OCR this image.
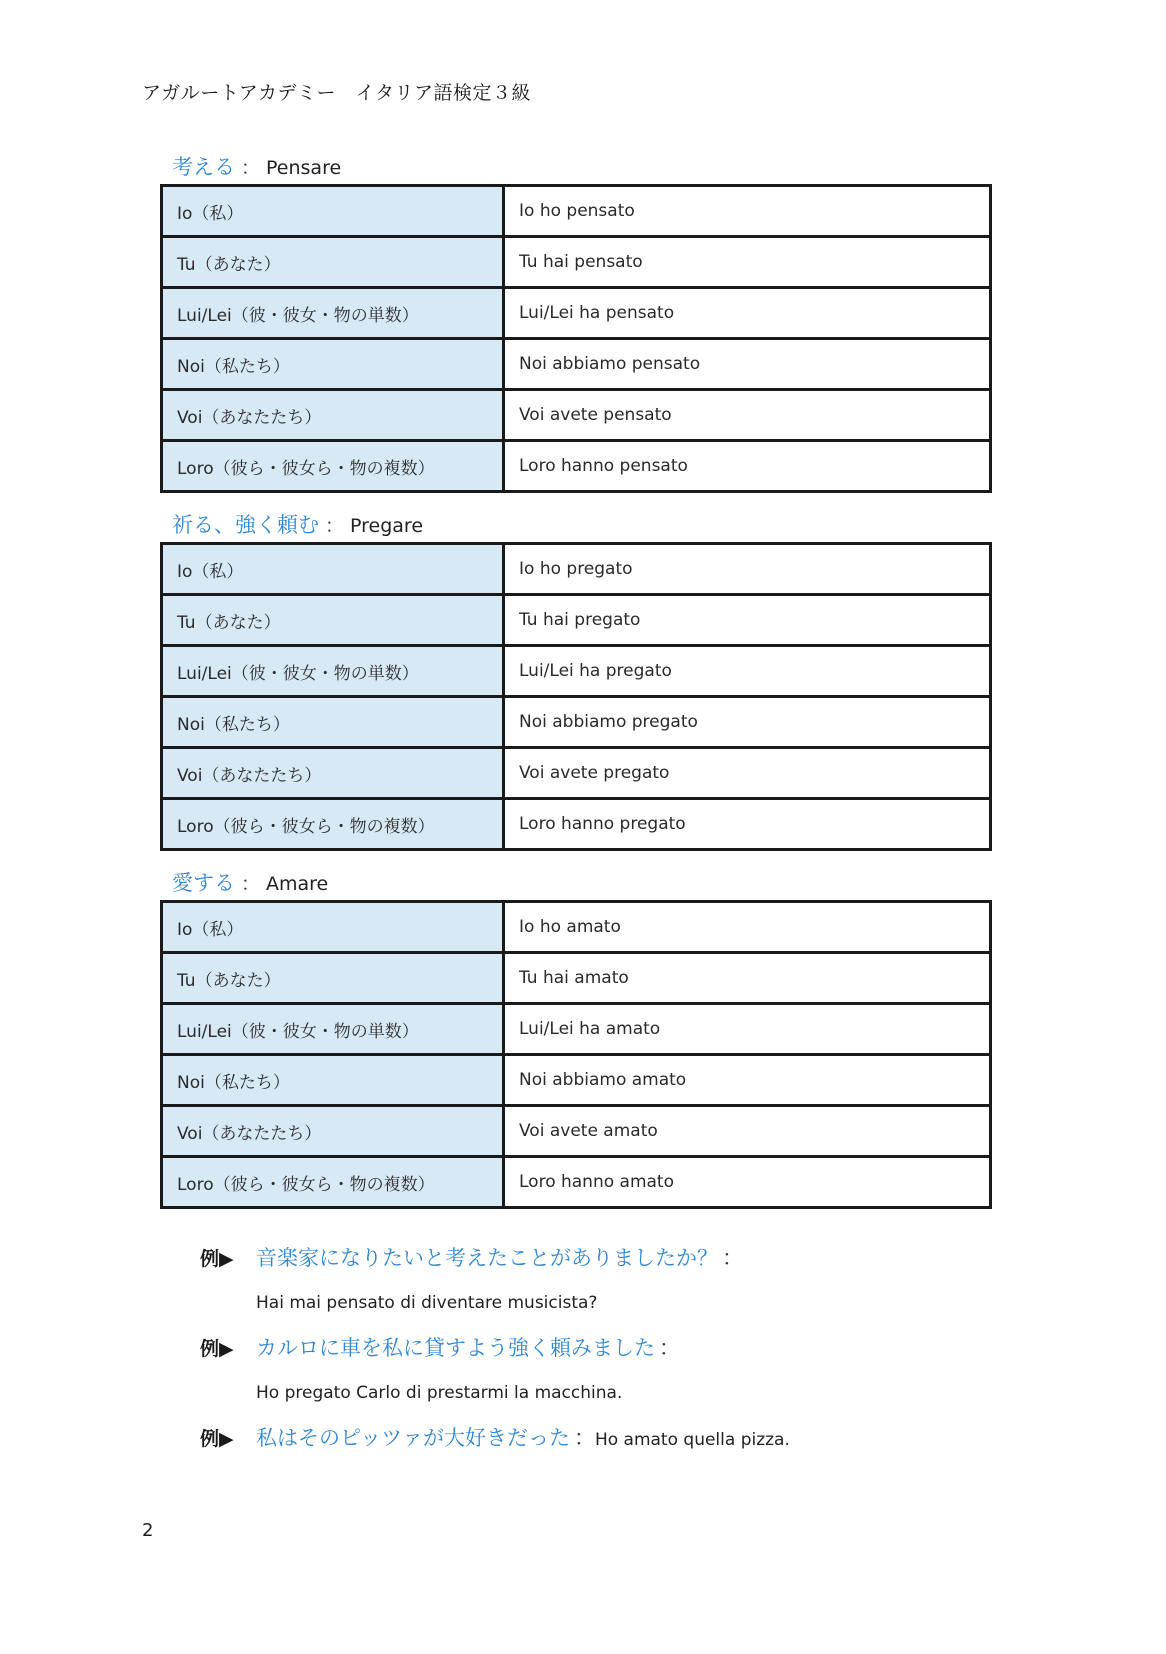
アガルートアカデミー　イタリア語検定３級
考える ： Pensare
Io（私）	Io ho pensato
Tu（あなた）	Tu hai pensato
Lui/Lei（彼・彼女・物の単数）	Lui/Lei ha pensato
Noi（私たち）	Noi abbiamo pensato
Voi（あなたたち）	Voi avete pensato
Loro（彼ら・彼女ら・物の複数）	Loro hanno pensato
祈る、強く頼む ： Pregare
Io（私）	Io ho pregato
Tu（あなた）	Tu hai pregato
Lui/Lei（彼・彼女・物の単数）	Lui/Lei ha pregato
Noi（私たち）	Noi abbiamo pregato
Voi（あなたたち）	Voi avete pregato
Loro（彼ら・彼女ら・物の複数）	Loro hanno pregato
愛する ： Amare
Io（私）	Io ho amato
Tu（あなた）	Tu hai amato
Lui/Lei（彼・彼女・物の単数）	Lui/Lei ha amato
Noi（私たち）	Noi abbiamo amato
Voi（あなたたち）	Voi avete amato
Loro（彼ら・彼女ら・物の複数）	Loro hanno amato
例▶ 音楽家になりたいと考えたことがありましたか？ ：
Hai mai pensato di diventare musicista?
例▶ カルロに車を私に貸すよう強く頼みました ：
Ho pregato Carlo di prestarmi la macchina.
例▶ 私はそのピッツァが大好きだった ：Ho amato quella pizza.
2
